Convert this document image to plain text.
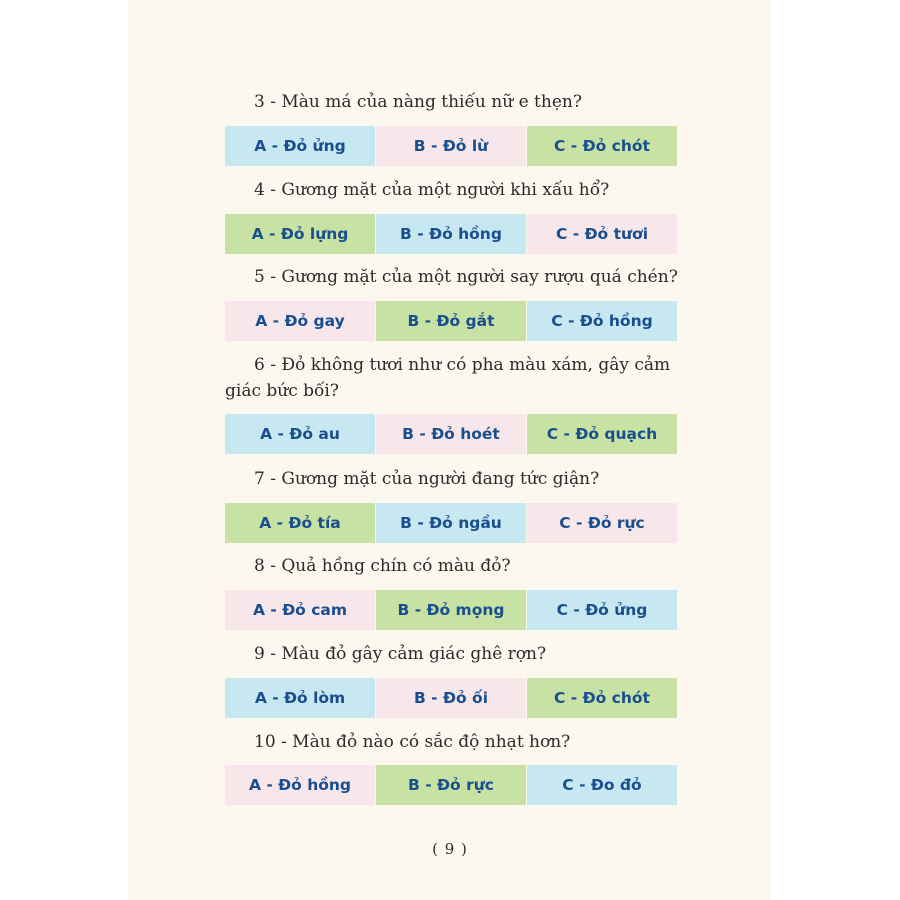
3 - Màu má của nàng thiếu nữ e thẹn?
A - Đỏ ửng	B - Đỏ lừ	C - Đỏ chót
4 - Gương mặt của một người khi xấu hổ?
A - Đỏ lựng	B - Đỏ hồng	C - Đỏ tươi
5 - Gương mặt của một người say rượu quá chén?
A - Đỏ gay	B - Đỏ gắt	C - Đỏ hồng
6 - Đỏ không tươi như có pha màu xám, gây cảm giác bức bối?
A - Đỏ au	B - Đỏ hoét	C - Đỏ quạch
7 - Gương mặt của người đang tức giận?
A - Đỏ tía	B - Đỏ ngầu	C - Đỏ rực
8 - Quả hồng chín có màu đỏ?
A - Đỏ cam	B - Đỏ mọng	C - Đỏ ửng
9 - Màu đỏ gây cảm giác ghê rợn?
A - Đỏ lòm	B - Đỏ ối	C - Đỏ chót
10 - Màu đỏ nào có sắc độ nhạt hơn?
A - Đỏ hồng	B - Đỏ rực	C - Đo đỏ
( 9 )
